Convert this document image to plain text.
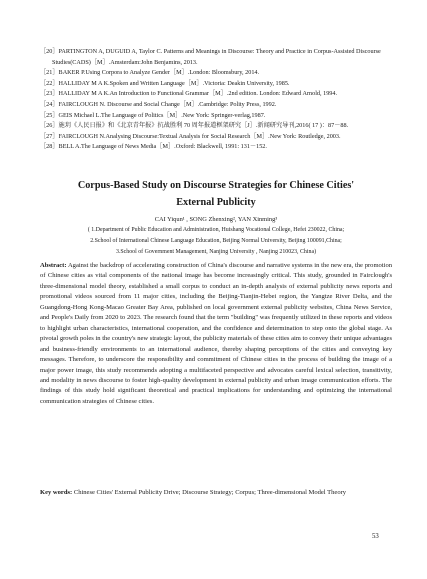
［20］PARTINGTON A, DUGUID A, Taylor C. Patterns and Meanings in Discourse: Theory and Practice in Corpus-Assisted Discourse Studies(CADS)［M］.Amsterdam:John Benjamins, 2013.
［21］BAKER P.Using Corpora to Analyze Gender［M］.London: Bloomsbury, 2014.
［22］HALLIDAY M A K.Spoken and Written Language［M］.Victoria: Deakin University, 1985.
［23］HALLIDAY M A K.An Introduction to Functional Grammar［M］.2nd edition. London: Edward Arnold, 1994.
［24］FAIRCLOUGH N. Discourse and Social Change［M］.Cambridge: Polity Press, 1992.
［25］GEIS Michael L.The Language of Politics［M］.New York: Springer-verlag,1987.
［26］施玥《人民日报》和《北京青年报》抗战胜利 70 周年报道框架研究［J］.新闻研究导刊,2016( 17 )：87－88.
［27］FAIRCLOUGH N.Analysing Discourse:Textual Analysis for Social Research［M］.New York: Routledge, 2003.
［28］BELL A.The Language of News Media［M］.Oxford: Blackwell, 1991: 131－152.
Corpus-Based Study on Discourse Strategies for Chinese Cities'
External Publicity
CAI Yiqun¹ , SONG Zhenxing², YAN Xinming³
( 1.Department of Public Education and Administration, Huishang Vocational College, Hefei 230022, China;
2.School of International Chinese Language Education, Beijing Normal University, Beijing 100091,China;
3.School of Government Management, Nanjing University , Nanjing 210023, China)
Abstract: Against the backdrop of accelerating construction of China's discourse and narrative systems in the new era, the promotion of Chinese cities as vital components of the national image has become increasingly critical. This study, grounded in Fairclough's three-dimensional model theory, established a small corpus to conduct an in-depth analysis of external publicity news reports and promotional videos sourced from 11 major cities, including the Beijing-Tianjin-Hebei region, the Yangtze River Delta, and the Guangdong-Hong Kong-Macao Greater Bay Area, published on local government external publicity websites, China News Service, and People's Daily from 2020 to 2023. The research found that the term "building" was frequently utilized in these reports and videos to highlight urban characteristics, international cooperation, and the confidence and determination to step onto the global stage. As pivotal growth poles in the country's new strategic layout, the publicity materials of these cities aim to convey their unique advantages and business-friendly environments to an international audience, thereby shaping perceptions of the cities and conveying key messages. Therefore, to underscore the responsibility and commitment of Chinese cities in the process of building the image of a major power image, this study recommends adopting a multifaceted perspective and advocates careful lexical selection, transitivity, and modality in news discourse to foster high-quality development in external publicity and urban image communication efforts. The findings of this study hold significant theoretical and practical implications for understanding and optimizing the international communication strategies of Chinese cities.
Key words: Chinese Cities' External Publicity Drive; Discourse Strategy; Corpus; Three-dimensional Model Theory
53
